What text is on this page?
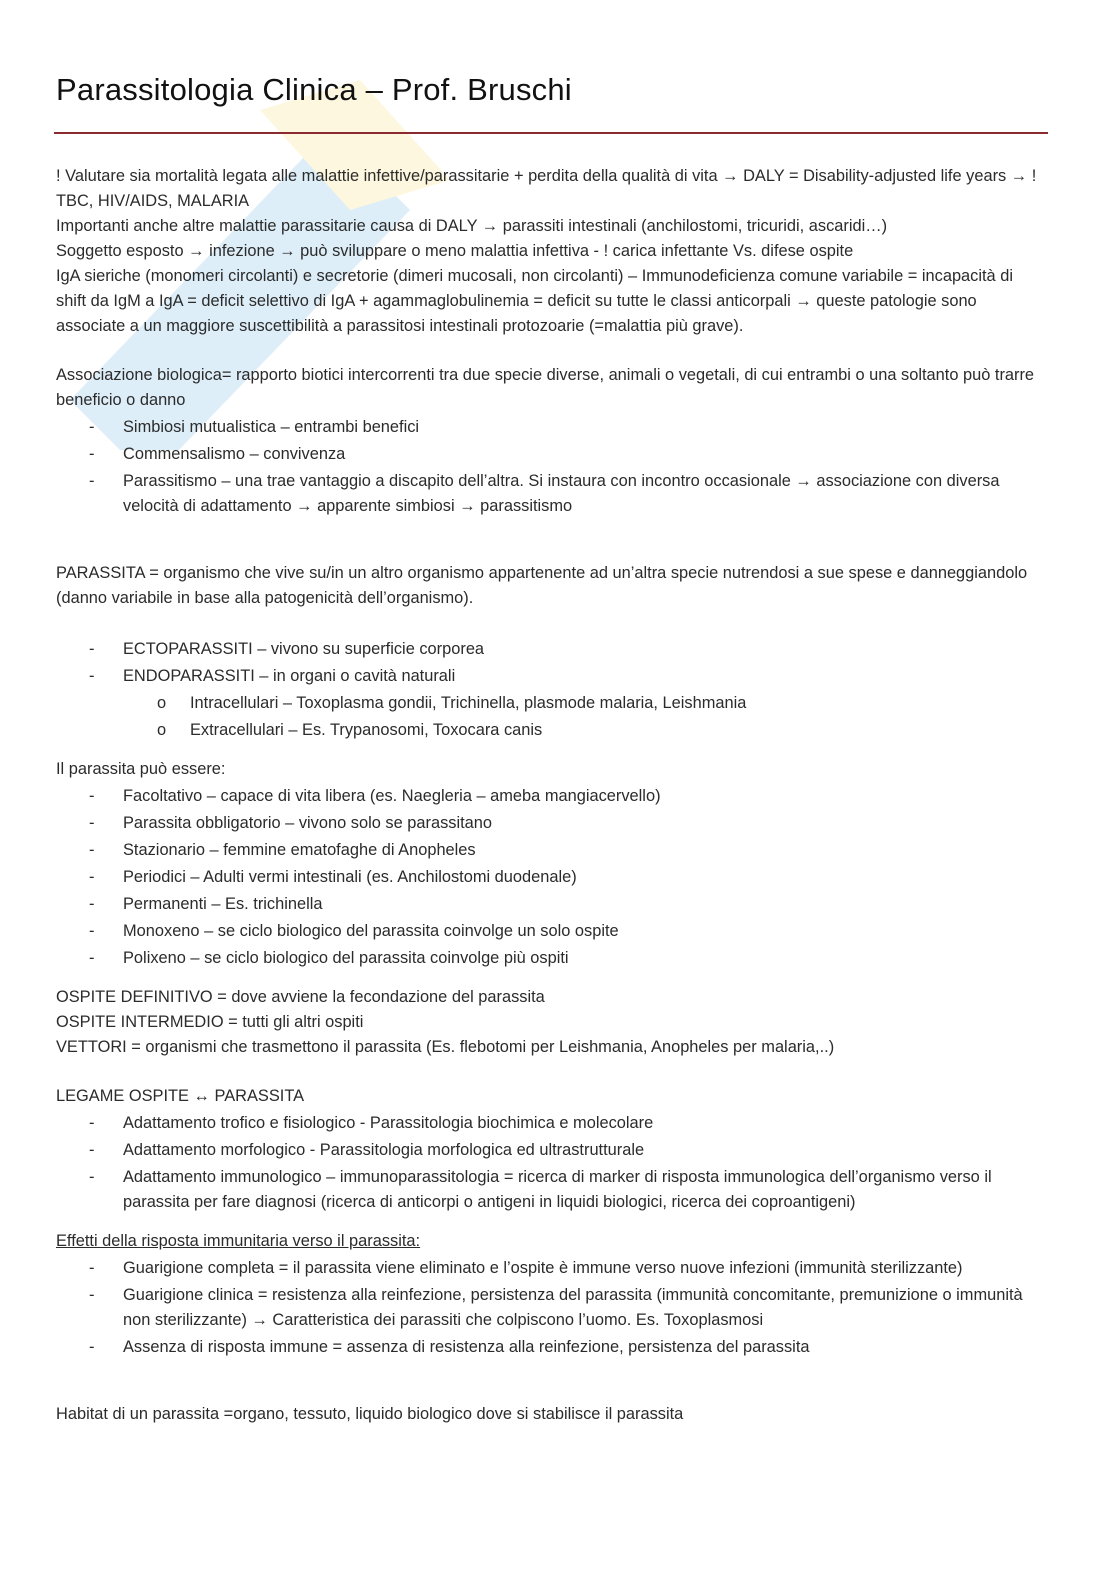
Parassitologia Clinica – Prof. Bruschi

! Valutare sia mortalità legata alle malattie infettive/parassitarie + perdita della qualità di vita → DALY = Disability-adjusted life years → ! TBC, HIV/AIDS, MALARIA

Importanti anche altre malattie parassitarie causa di DALY → parassiti intestinali (anchilostomi, tricuridi, ascaridi…)

Soggetto esposto → infezione → può sviluppare o meno malattia infettiva - ! carica infettante Vs. difese ospite

IgA sieriche (monomeri circolanti) e secretorie (dimeri mucosali, non circolanti) – Immunodeficienza comune variabile = incapacità di shift da IgM a IgA = deficit selettivo di IgA + agammaglobulinemia = deficit su tutte le classi anticorpali → queste patologie sono associate a un maggiore suscettibilità a parassitosi intestinali protozoarie (=malattia più grave).

Associazione biologica= rapporto biotici intercorrenti tra due specie diverse, animali o vegetali, di cui entrambi o una soltanto può trarre beneficio o danno

- Simbiosi mutualistica – entrambi benefici
- Commensalismo – convivenza
- Parassitismo – una trae vantaggio a discapito dell’altra. Si instaura con incontro occasionale → associazione con diversa velocità di adattamento → apparente simbiosi → parassitismo

PARASSITA = organismo che vive su/in un altro organismo appartenente ad un’altra specie nutrendosi a sue spese e danneggiandolo (danno variabile in base alla patogenicità dell’organismo).

- ECTOPARASSITI – vivono su superficie corporea
- ENDOPARASSITI – in organi o cavità naturali
o Intracellulari – Toxoplasma gondii, Trichinella, plasmode malaria, Leishmania
o Extracellulari – Es. Trypanosomi, Toxocara canis

Il parassita può essere:

- Facoltativo – capace di vita libera (es. Naegleria – ameba mangiacervello)
- Parassita obbligatorio – vivono solo se parassitano
- Stazionario – femmine ematofaghe di Anopheles
- Periodici – Adulti vermi intestinali (es. Anchilostomi duodenale)
- Permanenti – Es. trichinella
- Monoxeno – se ciclo biologico del parassita coinvolge un solo ospite
- Polixeno – se ciclo biologico del parassita coinvolge più ospiti

OSPITE DEFINITIVO = dove avviene la fecondazione del parassita

OSPITE INTERMEDIO = tutti gli altri ospiti

VETTORI = organismi che trasmettono il parassita (Es. flebotomi per Leishmania, Anopheles per malaria,..)

LEGAME OSPITE ↔ PARASSITA

- Adattamento trofico e fisiologico - Parassitologia biochimica e molecolare
- Adattamento morfologico - Parassitologia morfologica ed ultrastrutturale
- Adattamento immunologico – immunoparassitologia = ricerca di marker di risposta immunologica dell’organismo verso il parassita per fare diagnosi (ricerca di anticorpi o antigeni in liquidi biologici, ricerca dei coproantigeni)

Effetti della risposta immunitaria verso il parassita:

- Guarigione completa = il parassita viene eliminato e l’ospite è immune verso nuove infezioni (immunità sterilizzante)
- Guarigione clinica = resistenza alla reinfezione, persistenza del parassita (immunità concomitante, premunizione o immunità non sterilizzante) → Caratteristica dei parassiti che colpiscono l’uomo. Es. Toxoplasmosi
- Assenza di risposta immune = assenza di resistenza alla reinfezione, persistenza del parassita

Habitat di un parassita =organo, tessuto, liquido biologico dove si stabilisce il parassita
